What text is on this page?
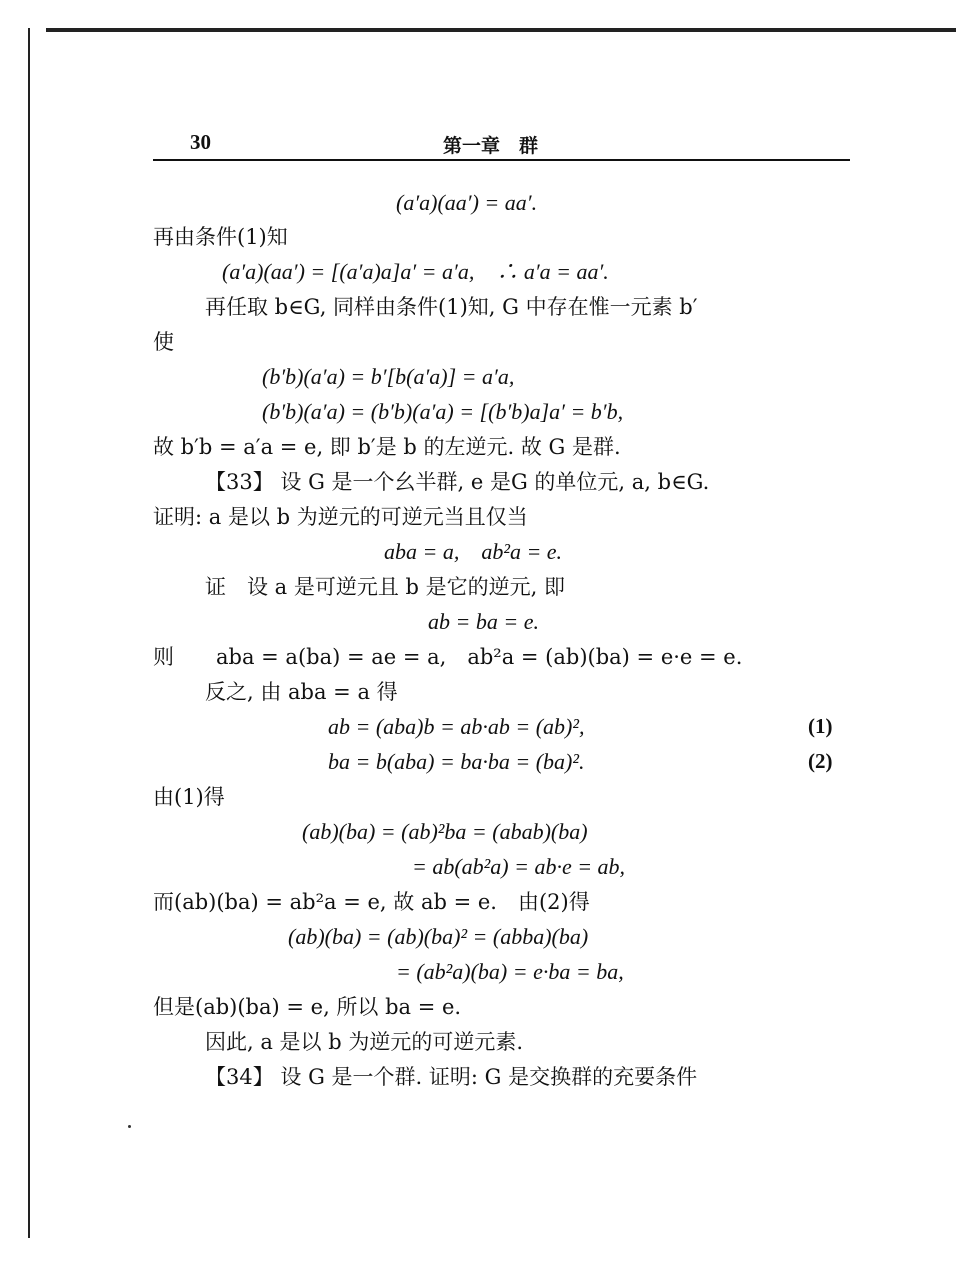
30	第一章　群
(a′a)(aa′) = aa′.
再由条件(1)知
(a′a)(aa′) = [(a′a)a]a′ = a′a,　∴ a′a = aa′.
再任取 b∈G, 同样由条件(1)知, G 中存在惟一元素 b′
使
(b′b)(a′a) = b′[b(a′a)] = a′a,
(b′b)(a′a) = (b′b)(a′a) = [(b′b)a]a′ = b′b,
故 b′b = a′a = e, 即 b′是 b 的左逆元. 故 G 是群.
【33】 设 G 是一个幺半群, e 是G 的单位元, a, b∈G.
证明: a 是以 b 为逆元的可逆元当且仅当
aba = a,　ab²a = e.
证　设 a 是可逆元且 b 是它的逆元, 即
ab = ba = e.
则　　aba = a(ba) = ae = a,　ab²a = (ab)(ba) = e·e = e.
反之, 由 aba = a 得
ab = (aba)b = ab·ab = (ab)²,	(1)
ba = b(aba) = ba·ba = (ba)².	(2)
由(1)得
(ab)(ba) = (ab)²ba = (abab)(ba)
= ab(ab²a) = ab·e = ab,
而(ab)(ba) = ab²a = e, 故 ab = e.　由(2)得
(ab)(ba) = (ab)(ba)² = (abba)(ba)
= (ab²a)(ba) = e·ba = ba,
但是(ab)(ba) = e, 所以 ba = e.
因此, a 是以 b 为逆元的可逆元素.
【34】 设 G 是一个群. 证明: G 是交换群的充要条件
